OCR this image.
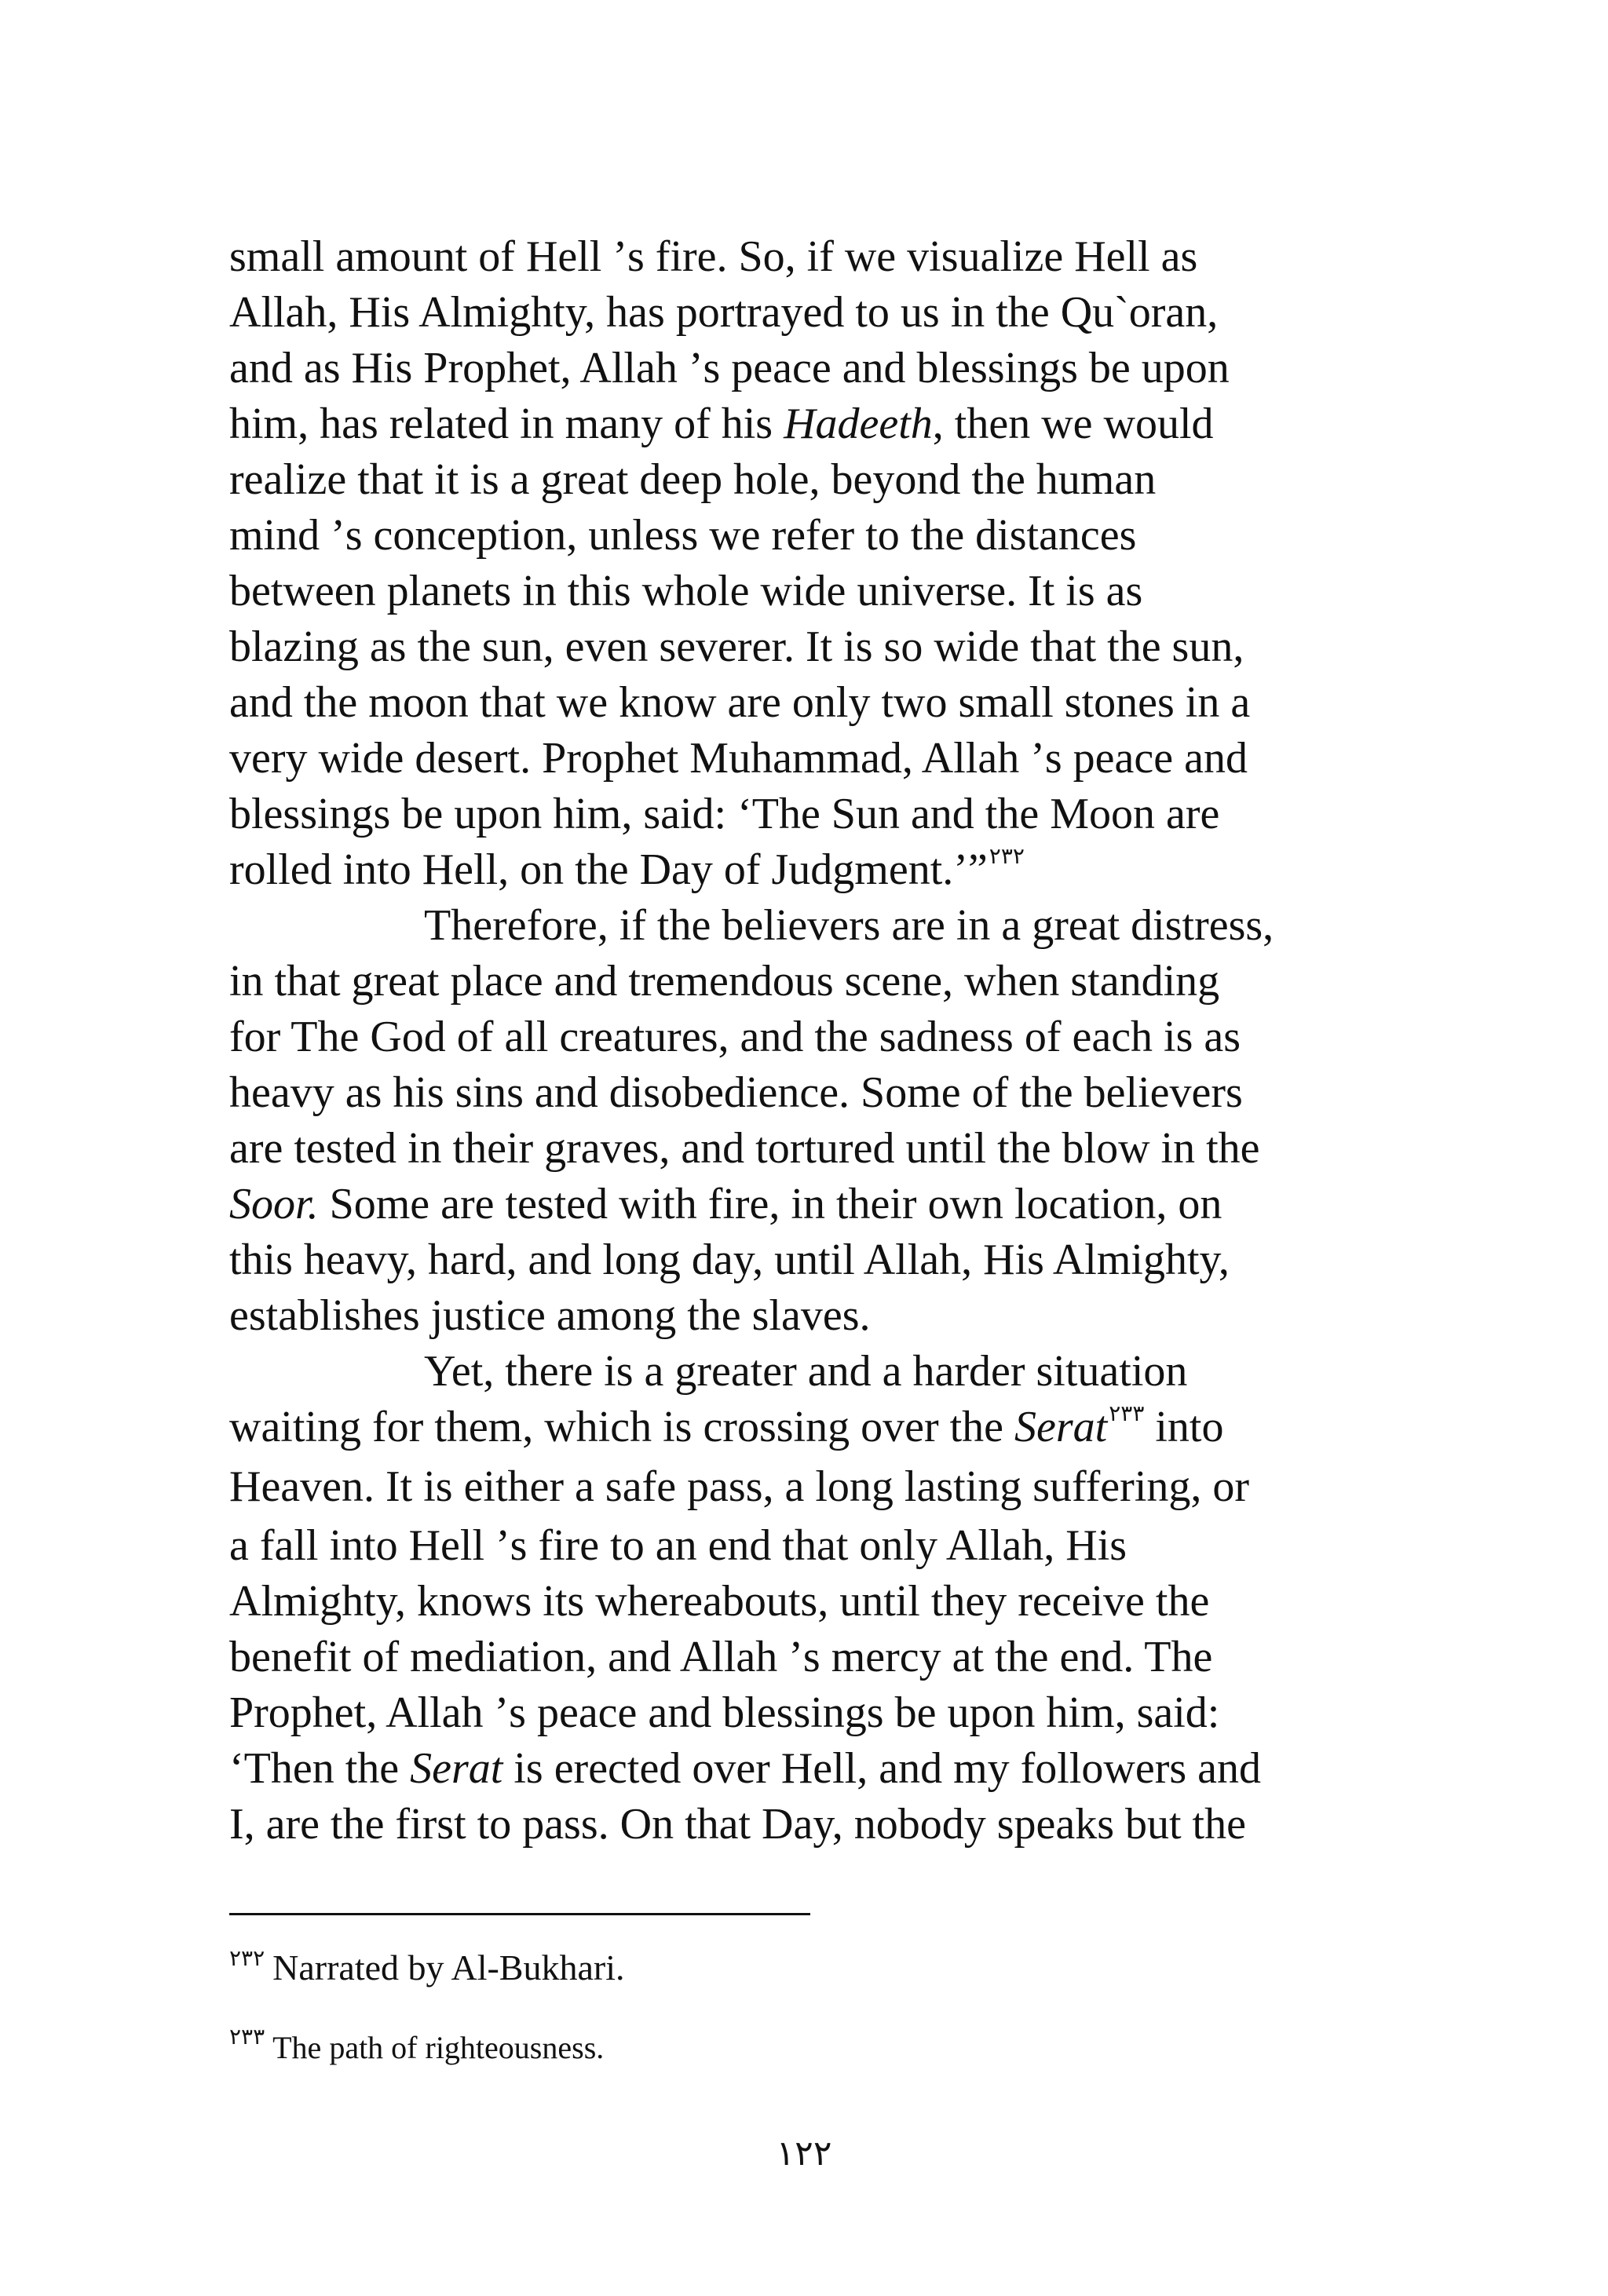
small amount of Hell ʼs fire. So, if we visualize Hell as
Allah, His Almighty, has portrayed to us in the Qu`oran,
and as His Prophet, Allah ʼs peace and blessings be upon
him, has related in many of his Hadeeth, then we would
realize that it is a great deep hole, beyond the human
mind ʼs conception, unless we refer to the distances
between planets in this whole wide universe. It is as
blazing as the sun, even severer. It is so wide that the sun,
and the moon that we know are only two small stones in a
very wide desert. Prophet Muhammad, Allah ʼs peace and
blessings be upon him, said: ‘The Sun and the Moon are
rolled into Hell, on the Day of Judgment.’”$^{٢٣٢}$
Therefore, if the believers are in a great distress,
in that great place and tremendous scene, when standing
for The God of all creatures, and the sadness of each is as
heavy as his sins and disobedience. Some of the believers
are tested in their graves, and tortured until the blow in the
Soor. Some are tested with fire, in their own location, on
this heavy, hard, and long day, until Allah, His Almighty,
establishes justice among the slaves.
Yet, there is a greater and a harder situation
waiting for them, which is crossing over the Serat$^{٢٣٣}$ into
Heaven. It is either a safe pass, a long lasting suffering, or
a fall into Hell ʼs fire to an end that only Allah, His
Almighty, knows its whereabouts, until they receive the
benefit of mediation, and Allah ʼs mercy at the end. The
Prophet, Allah ʼs peace and blessings be upon him, said:
‘Then the Serat is erected over Hell, and my followers and
I, are the first to pass. On that Day, nobody speaks but the
$^{٢٣٢}$ Narrated by Al-Bukhari.
$^{٢٣٣}$ The path of righteousness.
١٢٢
